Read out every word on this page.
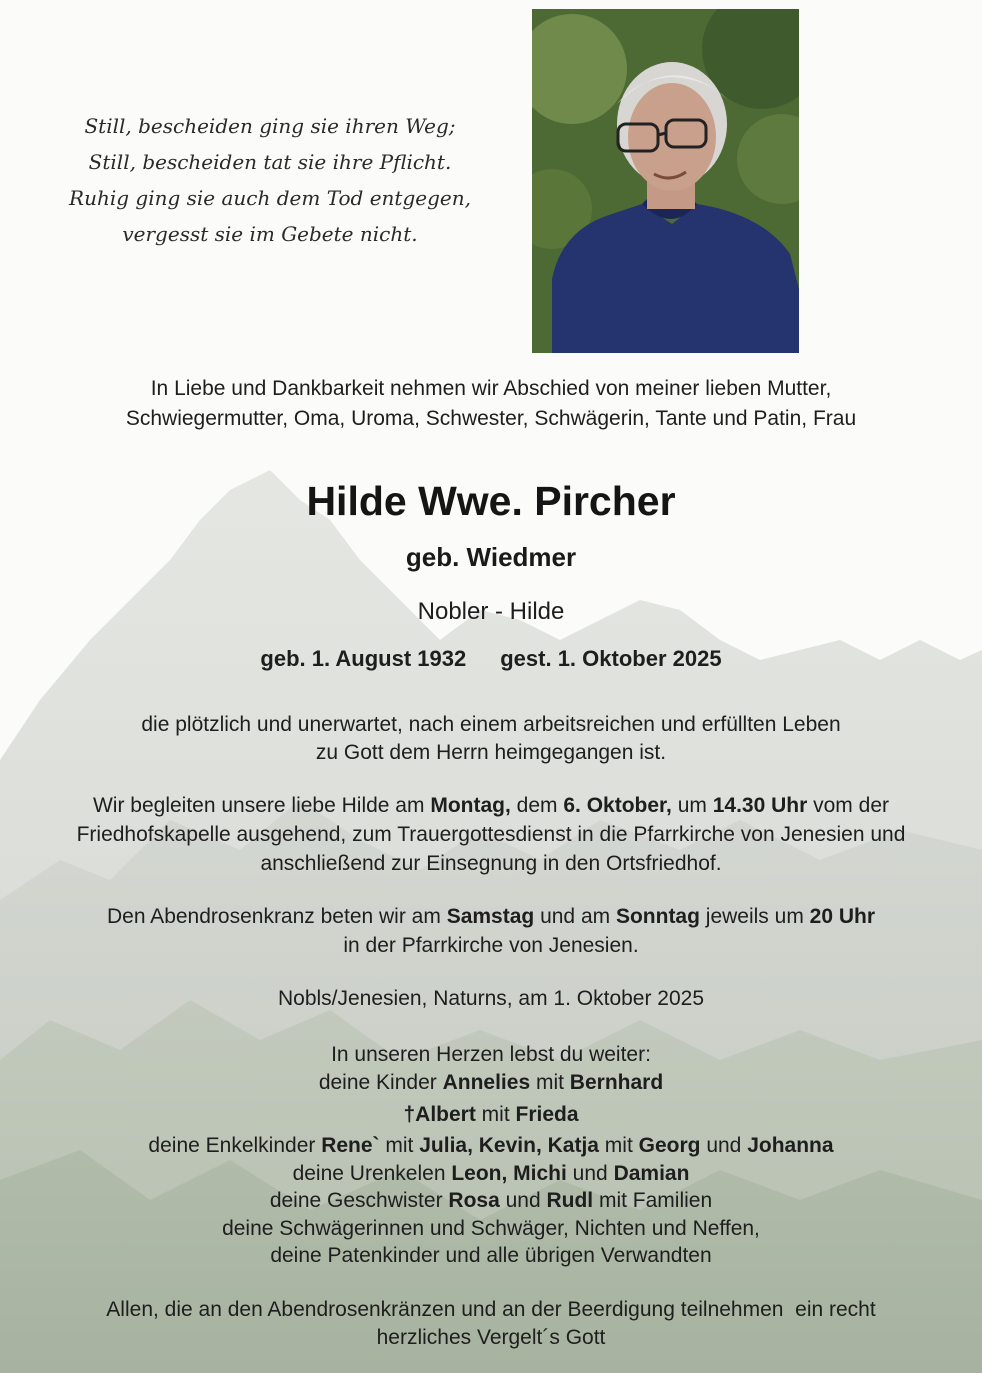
Still, bescheiden ging sie ihren Weg;
Still, bescheiden tat sie ihre Pflicht.
Ruhig ging sie auch dem Tod entgegen,
vergesst sie im Gebete nicht.
In Liebe und Dankbarkeit nehmen wir Abschied von meiner lieben Mutter,
Schwiegermutter, Oma, Uroma, Schwester, Schwägerin, Tante und Patin, Frau
Hilde Wwe. Pircher
geb. Wiedmer
Nobler - Hilde
geb. 1. August 1932 gest. 1. Oktober 2025
die plötzlich und unerwartet, nach einem arbeitsreichen und erfüllten Leben
zu Gott dem Herrn heimgegangen ist.
Wir begleiten unsere liebe Hilde am Montag, dem 6. Oktober, um 14.30 Uhr vom der
Friedhofskapelle ausgehend, zum Trauergottesdienst in die Pfarrkirche von Jenesien und
anschließend zur Einsegnung in den Ortsfriedhof.
Den Abendrosenkranz beten wir am Samstag und am Sonntag jeweils um 20 Uhr
in der Pfarrkirche von Jenesien.
Nobls/Jenesien, Naturns, am 1. Oktober 2025
In unseren Herzen lebst du weiter:
deine Kinder Annelies mit Bernhard
†Albert mit Frieda
deine Enkelkinder Rene` mit Julia, Kevin, Katja mit Georg und Johanna
deine Urenkelen Leon, Michi und Damian
deine Geschwister Rosa und Rudl mit Familien
deine Schwägerinnen und Schwäger, Nichten und Neffen,
deine Patenkinder und alle übrigen Verwandten
Allen, die an den Abendrosenkränzen und an der Beerdigung teilnehmen  ein recht
herzliches Vergelt´s Gott
